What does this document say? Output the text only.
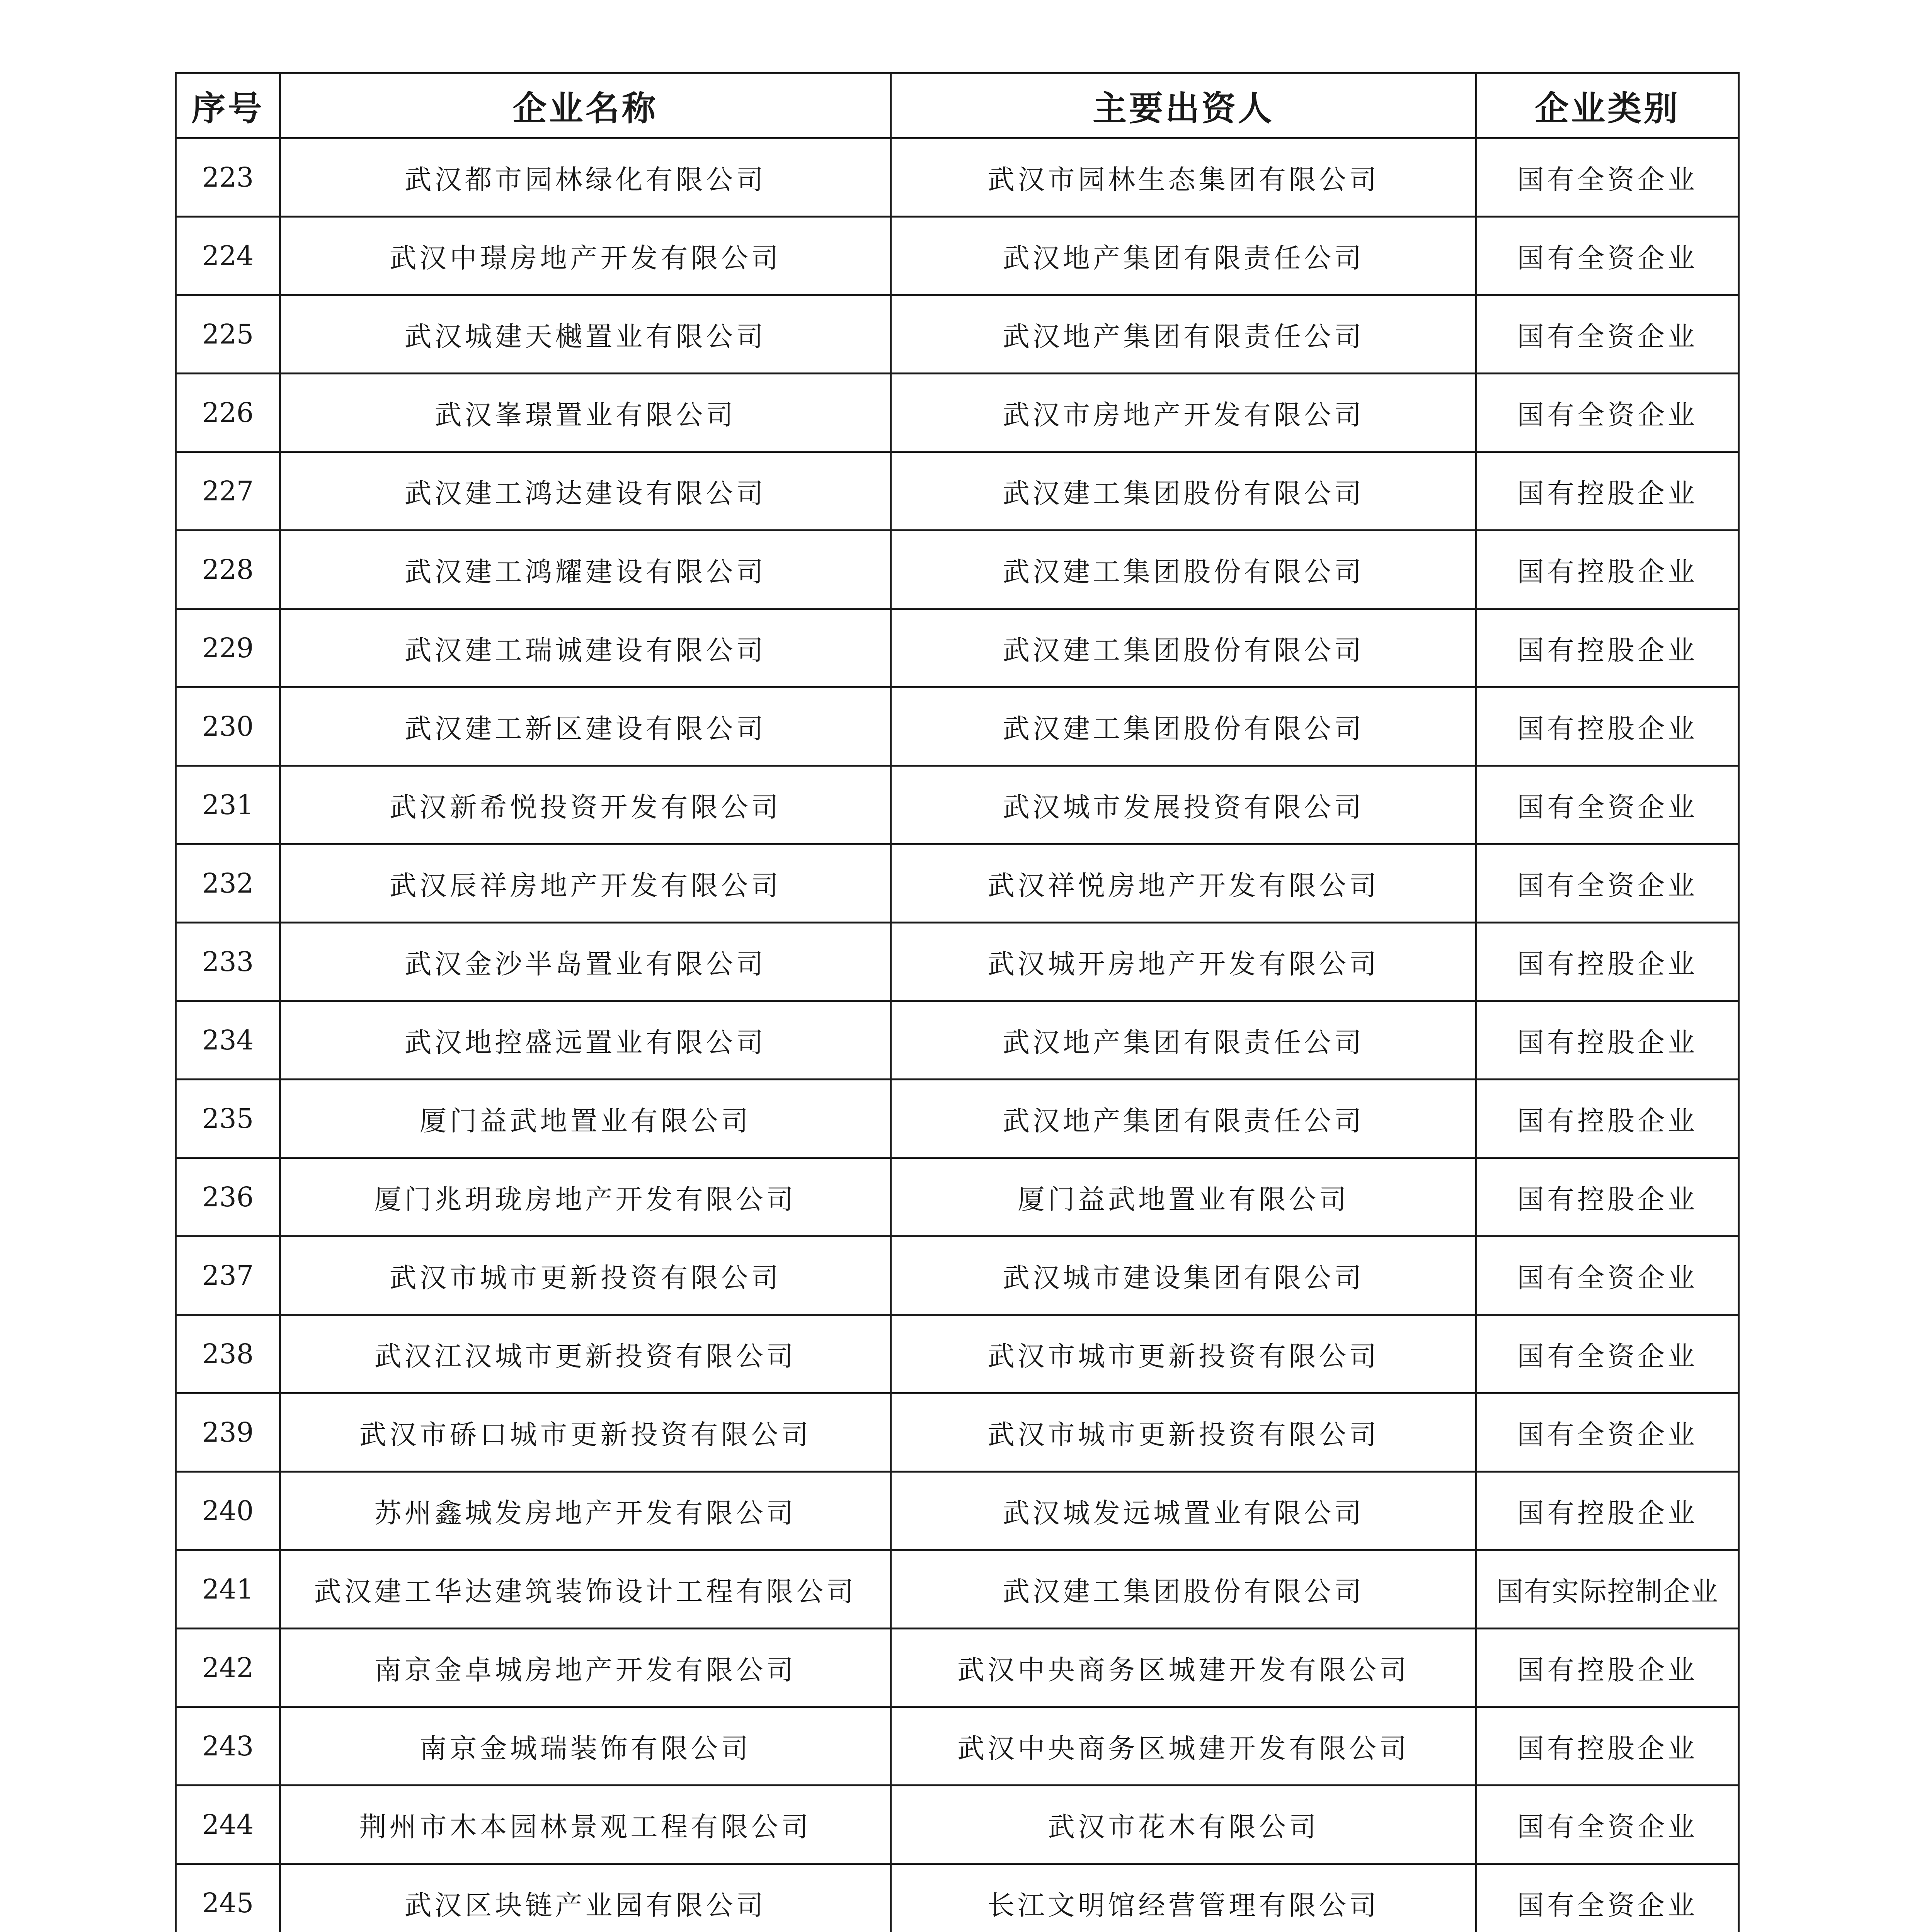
序号	企业名称	主要出资人	企业类别
223	武汉都市园林绿化有限公司	武汉市园林生态集团有限公司	国有全资企业
224	武汉中璟房地产开发有限公司	武汉地产集团有限责任公司	国有全资企业
225	武汉城建天樾置业有限公司	武汉地产集团有限责任公司	国有全资企业
226	武汉峯璟置业有限公司	武汉市房地产开发有限公司	国有全资企业
227	武汉建工鸿达建设有限公司	武汉建工集团股份有限公司	国有控股企业
228	武汉建工鸿耀建设有限公司	武汉建工集团股份有限公司	国有控股企业
229	武汉建工瑞诚建设有限公司	武汉建工集团股份有限公司	国有控股企业
230	武汉建工新区建设有限公司	武汉建工集团股份有限公司	国有控股企业
231	武汉新希悦投资开发有限公司	武汉城市发展投资有限公司	国有全资企业
232	武汉辰祥房地产开发有限公司	武汉祥悦房地产开发有限公司	国有全资企业
233	武汉金沙半岛置业有限公司	武汉城开房地产开发有限公司	国有控股企业
234	武汉地控盛远置业有限公司	武汉地产集团有限责任公司	国有控股企业
235	厦门益武地置业有限公司	武汉地产集团有限责任公司	国有控股企业
236	厦门兆玥珑房地产开发有限公司	厦门益武地置业有限公司	国有控股企业
237	武汉市城市更新投资有限公司	武汉城市建设集团有限公司	国有全资企业
238	武汉江汉城市更新投资有限公司	武汉市城市更新投资有限公司	国有全资企业
239	武汉市硚口城市更新投资有限公司	武汉市城市更新投资有限公司	国有全资企业
240	苏州鑫城发房地产开发有限公司	武汉城发远城置业有限公司	国有控股企业
241	武汉建工华达建筑装饰设计工程有限公司	武汉建工集团股份有限公司	国有实际控制企业
242	南京金卓城房地产开发有限公司	武汉中央商务区城建开发有限公司	国有控股企业
243	南京金城瑞装饰有限公司	武汉中央商务区城建开发有限公司	国有控股企业
244	荆州市木本园林景观工程有限公司	武汉市花木有限公司	国有全资企业
245	武汉区块链产业园有限公司	长江文明馆经营管理有限公司	国有全资企业
